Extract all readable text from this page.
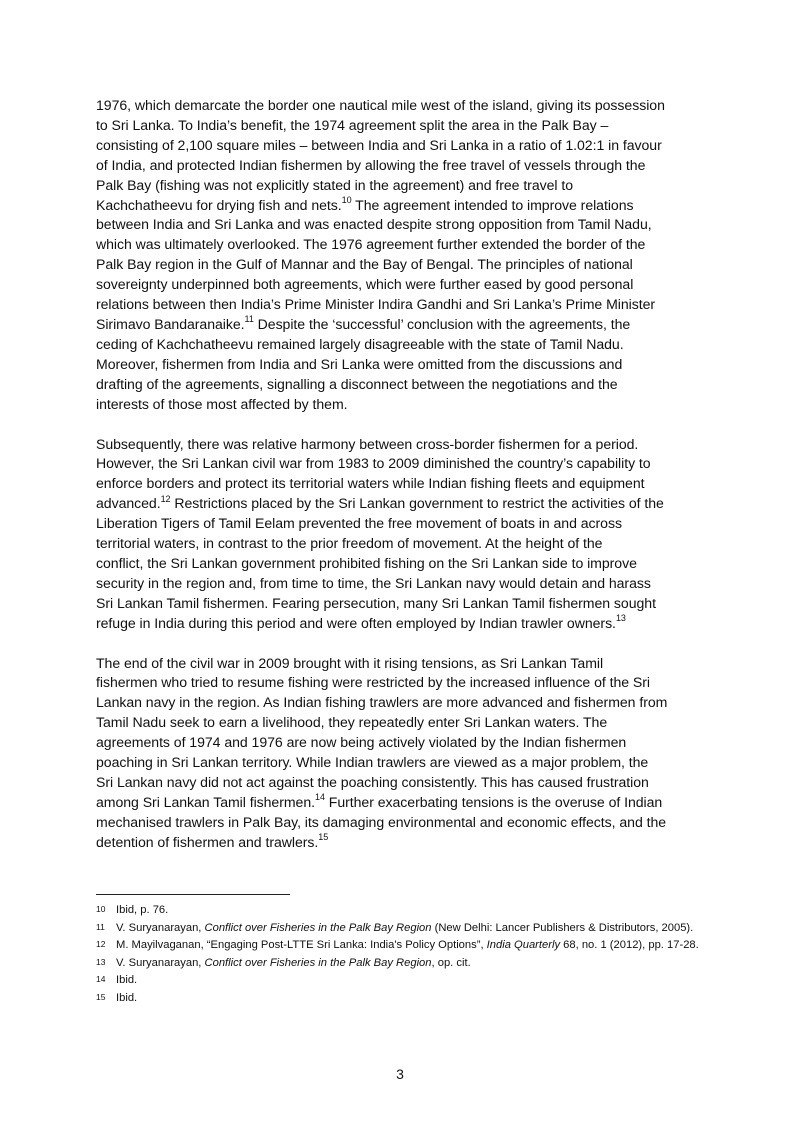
1976, which demarcate the border one nautical mile west of the island, giving its possession
to Sri Lanka. To India’s benefit, the 1974 agreement split the area in the Palk Bay –
consisting of 2,100 square miles – between India and Sri Lanka in a ratio of 1.02:1 in favour
of India, and protected Indian fishermen by allowing the free travel of vessels through the
Palk Bay (fishing was not explicitly stated in the agreement) and free travel to
Kachchatheevu for drying fish and nets.$^{10}$ The agreement intended to improve relations
between India and Sri Lanka and was enacted despite strong opposition from Tamil Nadu,
which was ultimately overlooked. The 1976 agreement further extended the border of the
Palk Bay region in the Gulf of Mannar and the Bay of Bengal. The principles of national
sovereignty underpinned both agreements, which were further eased by good personal
relations between then India’s Prime Minister Indira Gandhi and Sri Lanka’s Prime Minister
Sirimavo Bandaranaike.$^{11}$ Despite the ‘successful’ conclusion with the agreements, the
ceding of Kachchatheevu remained largely disagreeable with the state of Tamil Nadu.
Moreover, fishermen from India and Sri Lanka were omitted from the discussions and
drafting of the agreements, signalling a disconnect between the negotiations and the
interests of those most affected by them.

Subsequently, there was relative harmony between cross-border fishermen for a period.
However, the Sri Lankan civil war from 1983 to 2009 diminished the country’s capability to
enforce borders and protect its territorial waters while Indian fishing fleets and equipment
advanced.$^{12}$ Restrictions placed by the Sri Lankan government to restrict the activities of the
Liberation Tigers of Tamil Eelam prevented the free movement of boats in and across
territorial waters, in contrast to the prior freedom of movement. At the height of the
conflict, the Sri Lankan government prohibited fishing on the Sri Lankan side to improve
security in the region and, from time to time, the Sri Lankan navy would detain and harass
Sri Lankan Tamil fishermen. Fearing persecution, many Sri Lankan Tamil fishermen sought
refuge in India during this period and were often employed by Indian trawler owners.$^{13}$

The end of the civil war in 2009 brought with it rising tensions, as Sri Lankan Tamil
fishermen who tried to resume fishing were restricted by the increased influence of the Sri
Lankan navy in the region. As Indian fishing trawlers are more advanced and fishermen from
Tamil Nadu seek to earn a livelihood, they repeatedly enter Sri Lankan waters. The
agreements of 1974 and 1976 are now being actively violated by the Indian fishermen
poaching in Sri Lankan territory. While Indian trawlers are viewed as a major problem, the
Sri Lankan navy did not act against the poaching consistently. This has caused frustration
among Sri Lankan Tamil fishermen.$^{14}$ Further exacerbating tensions is the overuse of Indian
mechanised trawlers in Palk Bay, its damaging environmental and economic effects, and the
detention of fishermen and trawlers.$^{15}$

10 Ibid, p. 76.
11 V. Suryanarayan, Conflict over Fisheries in the Palk Bay Region (New Delhi: Lancer Publishers & Distributors, 2005).
12 M. Mayilvaganan, “Engaging Post-LTTE Sri Lanka: India's Policy Options”, India Quarterly 68, no. 1 (2012), pp. 17-28.
13 V. Suryanarayan, Conflict over Fisheries in the Palk Bay Region, op. cit.
14 Ibid.
15 Ibid.
3
